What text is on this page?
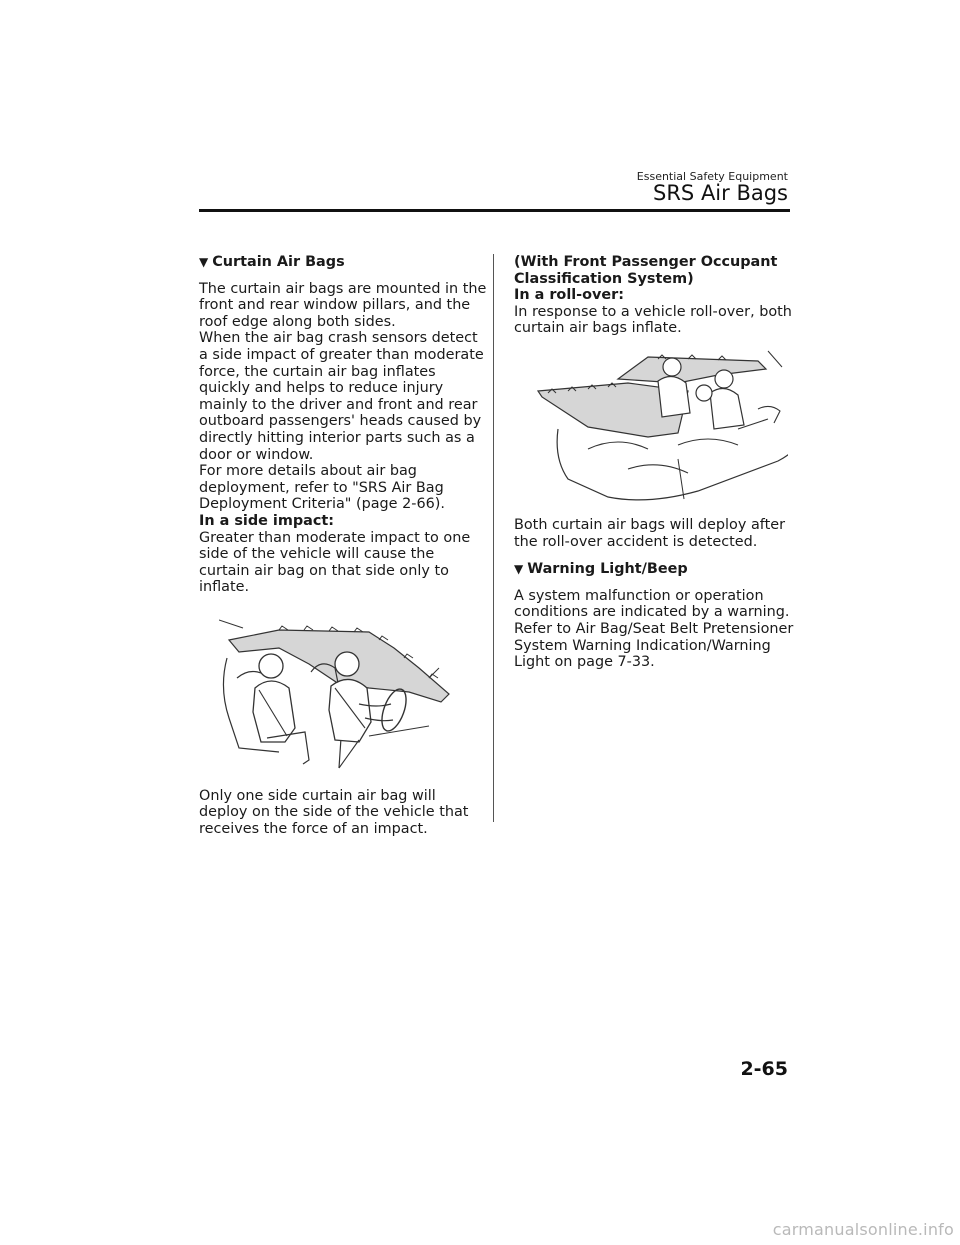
Essential Safety Equipment
SRS Air Bags
▼ Curtain Air Bags

The curtain air bags are mounted in the
front and rear window pillars, and the
roof edge along both sides.
When the air bag crash sensors detect
a side impact of greater than moderate
force, the curtain air bag inflates
quickly and helps to reduce injury
mainly to the driver and front and rear
outboard passengers' heads caused by
directly hitting interior parts such as a
door or window.
For more details about air bag
deployment, refer to "SRS Air Bag
Deployment Criteria" (page 2-66).
In a side impact:
Greater than moderate impact to one
side of the vehicle will cause the
curtain air bag on that side only to
inflate.

Only one side curtain air bag will
deploy on the side of the vehicle that
receives the force of an impact.

(With Front Passenger Occupant
Classification System)
In a roll-over:
In response to a vehicle roll-over, both
curtain air bags inflate.

Both curtain air bags will deploy after
the roll-over accident is detected.

▼ Warning Light/Beep

A system malfunction or operation
conditions are indicated by a warning.
Refer to Air Bag/Seat Belt Pretensioner
System Warning Indication/Warning
Light on page 7-33.

2-65
carmanualsonline.info
